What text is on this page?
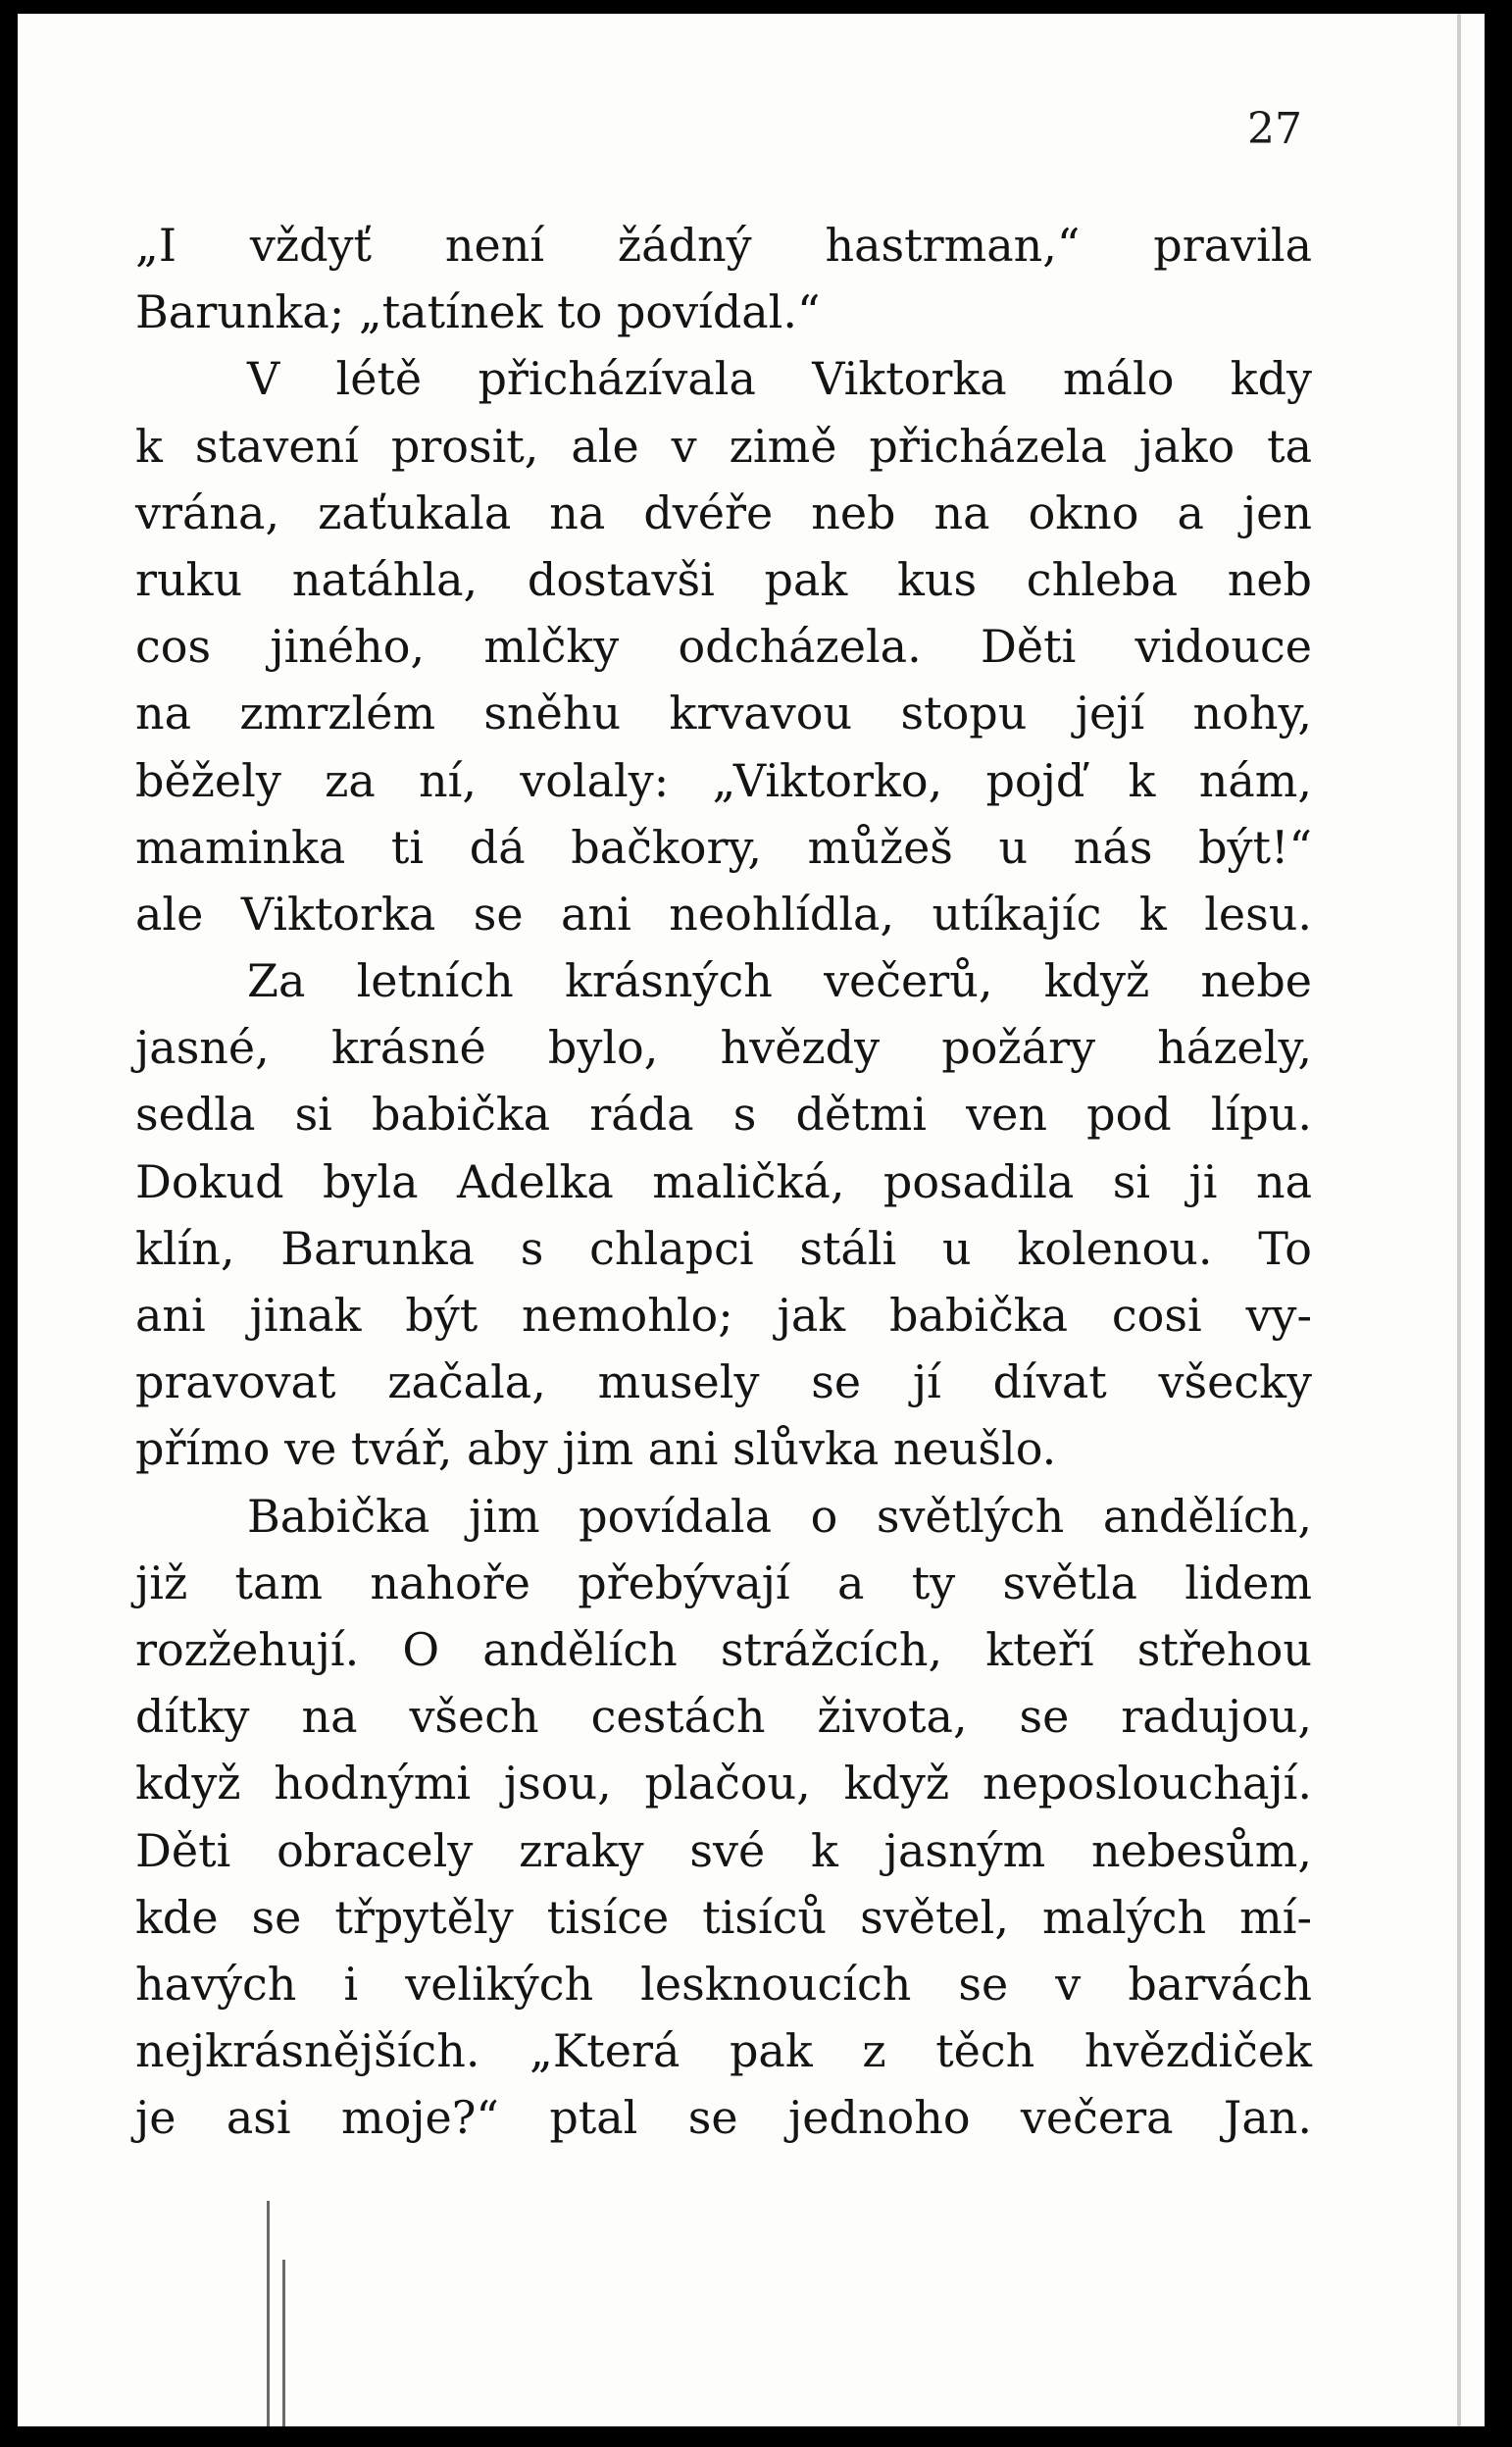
27

„I vždyť není žádný hastrman,“ pravila
Barunka; „tatínek to povídal.“
V létě přicházívala Viktorka málo kdy
k stavení prosit, ale v zimě přicházela jako ta
vrána, zaťukala na dvéře neb na okno a jen
ruku natáhla, dostavši pak kus chleba neb
cos jiného, mlčky odcházela. Děti vidouce
na zmrzlém sněhu krvavou stopu její nohy,
běžely za ní, volaly: „Viktorko, pojď k nám,
maminka ti dá bačkory, můžeš u nás být!“
ale Viktorka se ani neohlídla, utíkajíc k lesu.
Za letních krásných večerů, když nebe
jasné, krásné bylo, hvězdy požáry házely,
sedla si babička ráda s dětmi ven pod lípu.
Dokud byla Adelka maličká, posadila si ji na
klín, Barunka s chlapci stáli u kolenou. To
ani jinak být nemohlo; jak babička cosi vy-
pravovat začala, musely se jí dívat všecky
přímo ve tvář, aby jim ani slůvka neušlo.
Babička jim povídala o světlých andělích,
již tam nahoře přebývají a ty světla lidem
rozžehují. O andělích strážcích, kteří střehou
dítky na všech cestách života, se radujou,
když hodnými jsou, plačou, když neposlouchají.
Děti obracely zraky své k jasným nebesům,
kde se třpytěly tisíce tisíců světel, malých mí-
havých i velikých lesknoucích se v barvách
nejkrásnějších. „Která pak z těch hvězdiček
je asi moje?“ ptal se jednoho večera Jan.
